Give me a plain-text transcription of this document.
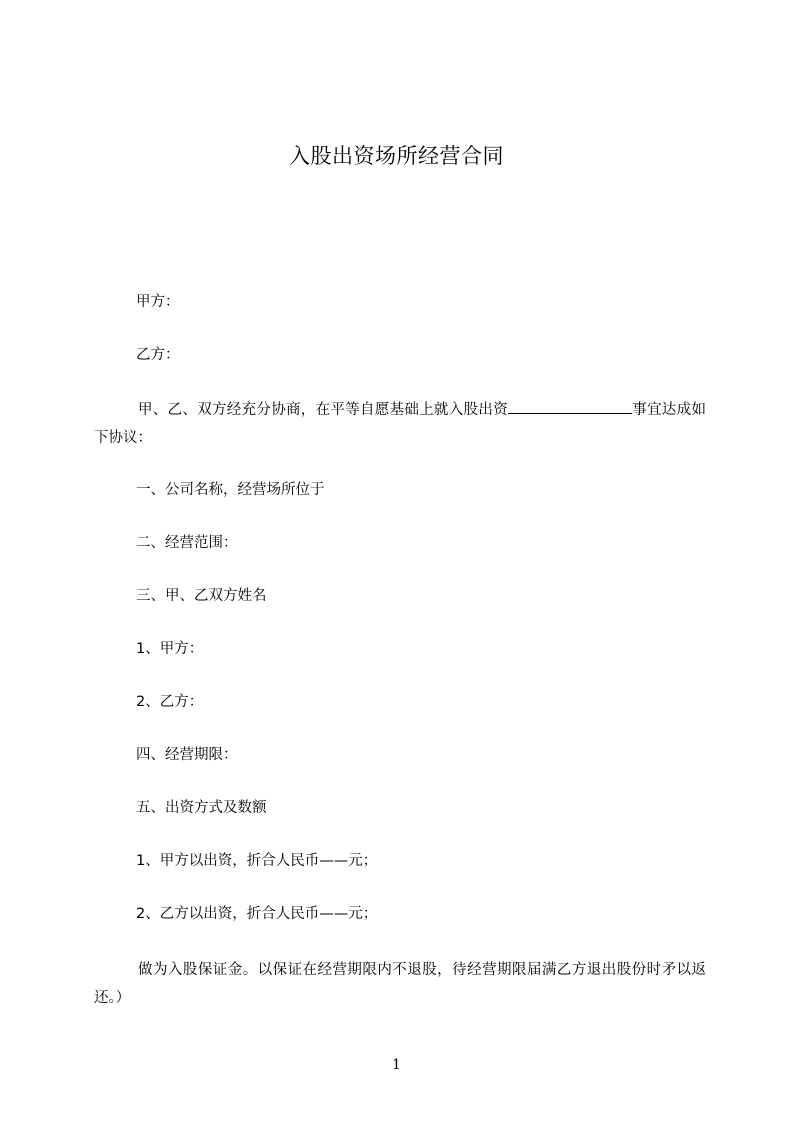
入股出资场所经营合同
甲方：
乙方：
甲、乙、双方经充分协商，在平等自愿基础上就入股出资	事宜达成如下协议：
一、公司名称，经营场所位于
二、经营范围：
三、甲、乙双方姓名
1、甲方：
2、乙方：
四、经营期限：
五、出资方式及数额
1、甲方以出资，折合人民币——元；
2、乙方以出资，折合人民币——元；
做为入股保证金。以保证在经营期限内不退股，待经营期限届满乙方退出股份时矛以返还。）
1
